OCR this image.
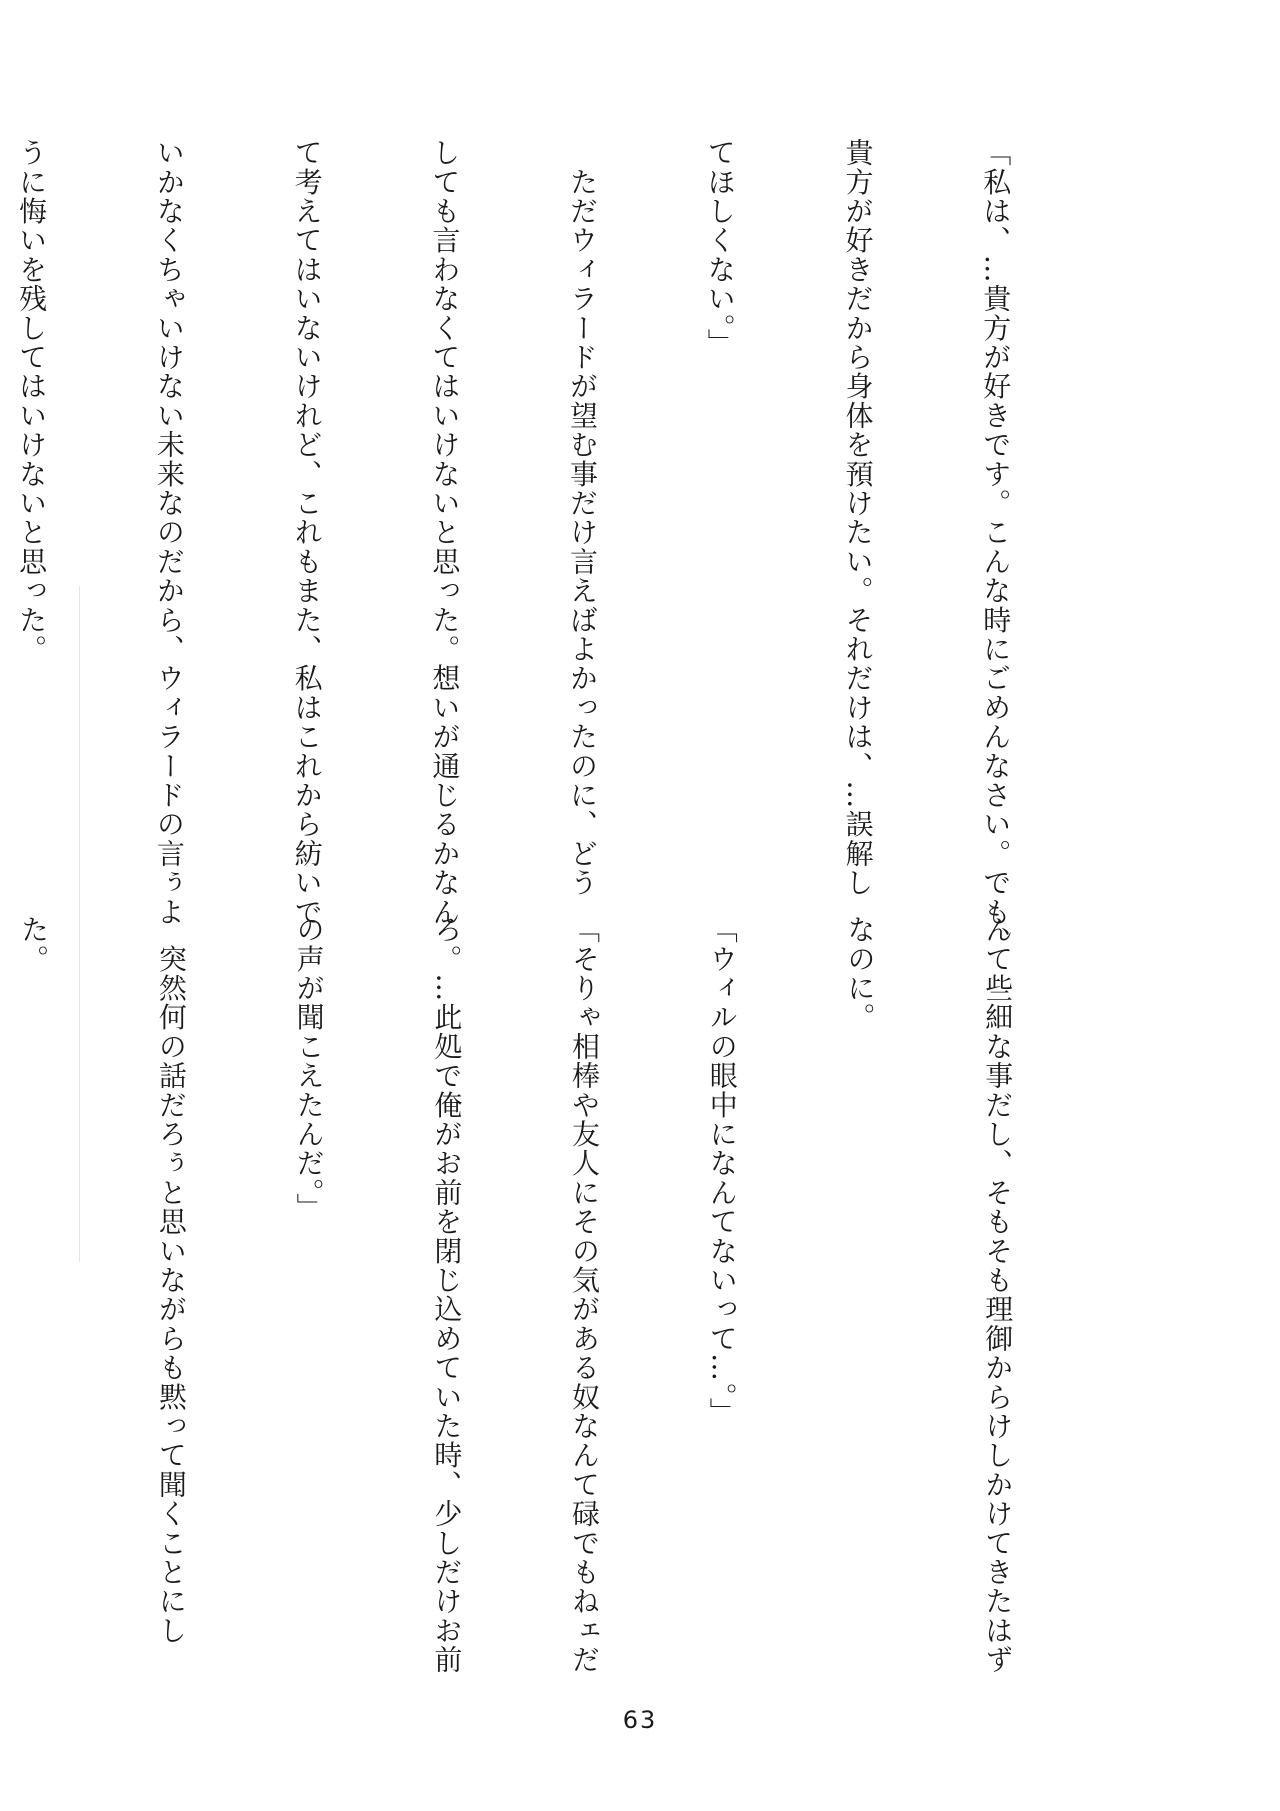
「私は、…貴方が好きです。こんな時にごめんなさい。でも、

貴方が好きだから身体を預けたい。それだけは、…誤解し

てほしくない。」

　ただウィラードが望む事だけ言えばよかったのに、どう

しても言わなくてはいけないと思った。想いが通じるかなん

て考えてはいないけれど、これもまた、私はこれから紡いで

いかなくちゃいけない未来なのだから、ウィラードの言ぅよ

うに悔いを残してはいけないと思った。

んて些細な事だし、そもそも理御からけしかけてきたはず

なのに。

「ウィルの眼中になんてないって…。」

「そりゃ相棒や友人にその気がある奴なんて碌でもねェだ

ろ。…此処で俺がお前を閉じ込めていた時、少しだけお前

の声が聞こえたんだ。」

　突然何の話だろぅと思いながらも黙って聞くことにし

た。

63
